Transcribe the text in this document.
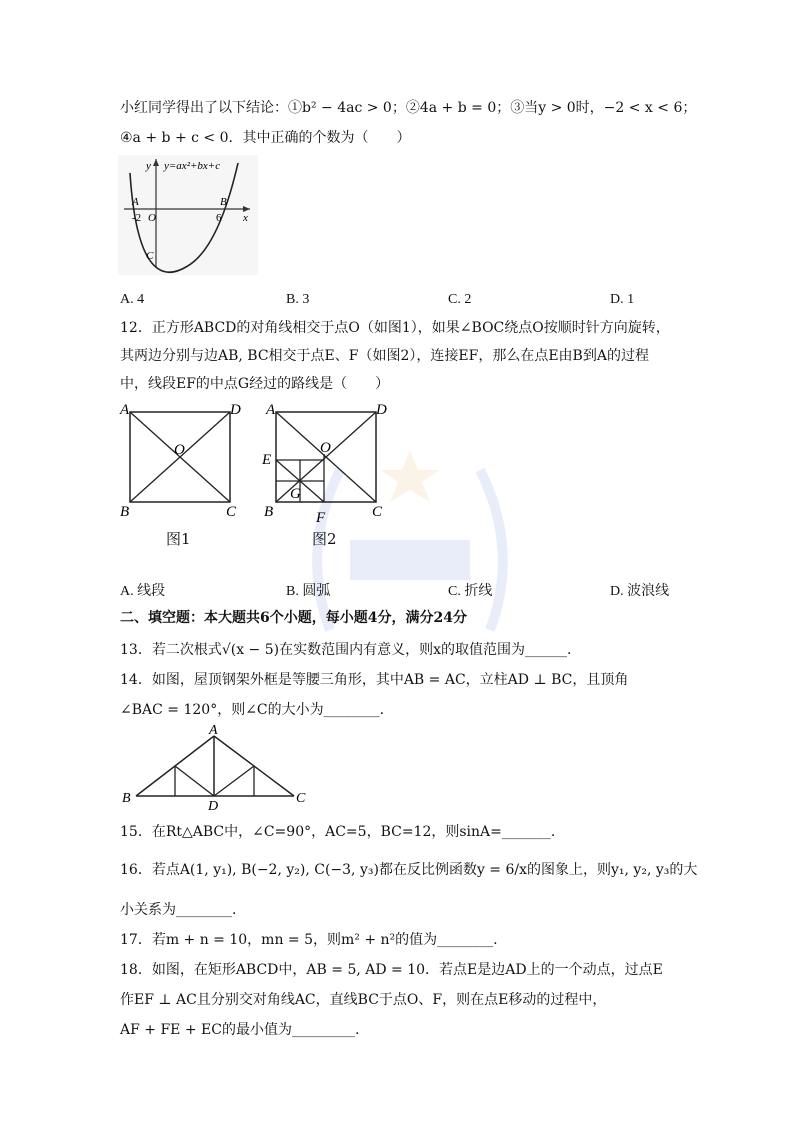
小红同学得出了以下结论：①b² − 4ac > 0；②4a + b = 0；③当y > 0时，−2 < x < 6；
④a + b + c < 0．其中正确的个数为（　　）
y y=ax²+bx+c
x
A	B
-2 O	6
C
A. 4	B. 3	C. 2	D. 1
12．正方形ABCD的对角线相交于点O（如图1），如果∠BOC绕点O按顺时针方向旋转，
其两边分别与边AB, BC相交于点E、F（如图2），连接EF，那么在点E由B到A的过程
中，线段EF的中点G经过的路线是（　　）
A	D
B	C
O
图1
A	D
E
O
G
B	F	C
图2
A. 线段	B. 圆弧	C. 折线	D. 波浪线
二、填空题：本大题共6个小题，每小题4分，满分24分
13．若二次根式√(x − 5)在实数范围内有意义，则x的取值范围为______.
14．如图，屋顶钢架外框是等腰三角形，其中AB = AC，立柱AD ⊥ BC，且顶角
∠BAC = 120°，则∠C的大小为________.
A
B
D
C
15．在Rt△ABC中，∠C=90°，AC=5，BC=12，则sinA=_______.
16．若点A(1, y₁), B(−2, y₂), C(−3, y₃)都在反比例函数y = 6/x的图象上，则y₁, y₂, y₃的大
小关系为________.
17．若m + n = 10，mn = 5，则m² + n²的值为________.
18．如图，在矩形ABCD中，AB = 5, AD = 10．若点E是边AD上的一个动点，过点E
作EF ⊥ AC且分别交对角线AC，直线BC于点O、F，则在点E移动的过程中，
AF + FE + EC的最小值为_________.
